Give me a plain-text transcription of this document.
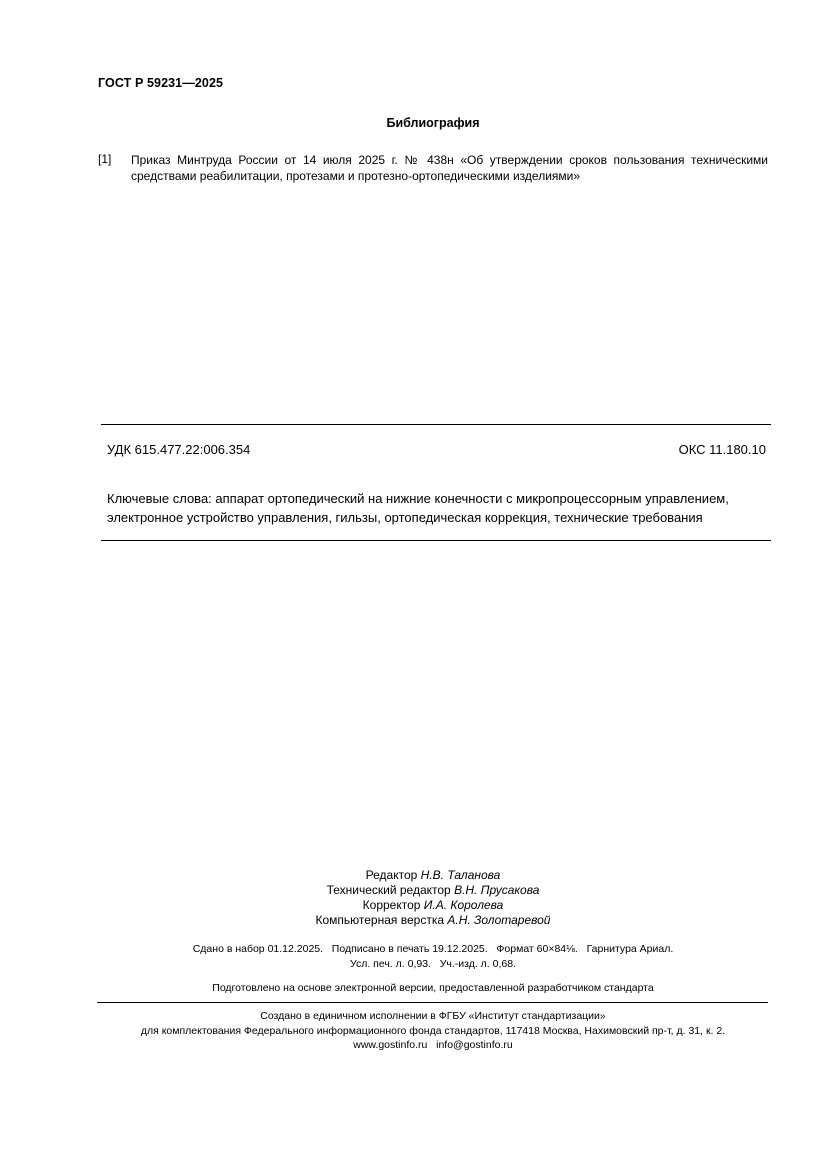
ГОСТ Р 59231—2025
Библиография
[1] Приказ Минтруда России от 14 июля 2025 г. № 438н «Об утверждении сроков пользования техническими средствами реабилитации, протезами и протезно-ортопедическими изделиями»
УДК 615.477.22:006.354	ОКС 11.180.10
Ключевые слова: аппарат ортопедический на нижние конечности с микропроцессорным управлением, электронное устройство управления, гильзы, ортопедическая коррекция, технические требования
Редактор Н.В. Таланова
Технический редактор В.Н. Прусакова
Корректор И.А. Королева
Компьютерная верстка А.Н. Золотаревой
Сдано в набор 01.12.2025.   Подписано в печать 19.12.2025.   Формат 60×84⅛.   Гарнитура Ариал.
Усл. печ. л. 0,93.   Уч.-изд. л. 0,68.
Подготовлено на основе электронной версии, предоставленной разработчиком стандарта
Создано в единичном исполнении в ФГБУ «Институт стандартизации»
для комплектования Федерального информационного фонда стандартов, 117418 Москва, Нахимовский пр-т, д. 31, к. 2.
www.gostinfo.ru   info@gostinfo.ru
